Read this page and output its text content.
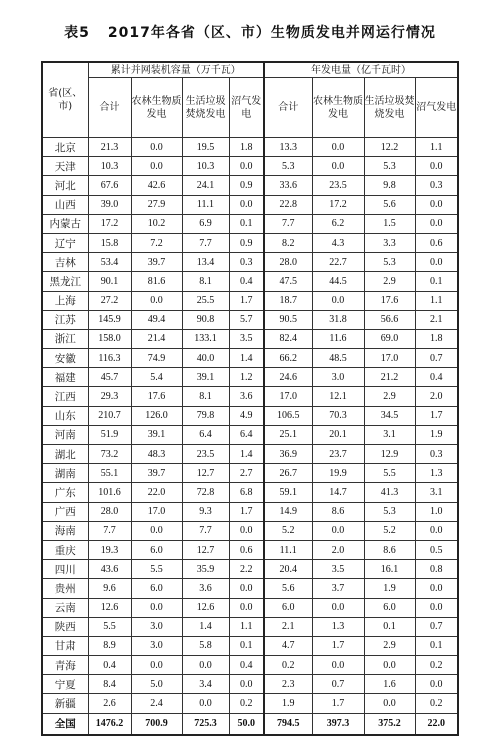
表5 2017年各省（区、市）生物质发电并网运行情况
省(区、市)	累计并网装机容量（万千瓦）				年发电量（亿千瓦时）			
	合计	农林生物质发电	生活垃圾焚烧发电	沼气发电	合计	农林生物质发电	生活垃圾焚烧发电	沼气发电
北京	21.3	0.0	19.5	1.8	13.3	0.0	12.2	1.1
天津	10.3	0.0	10.3	0.0	5.3	0.0	5.3	0.0
河北	67.6	42.6	24.1	0.9	33.6	23.5	9.8	0.3
山西	39.0	27.9	11.1	0.0	22.8	17.2	5.6	0.0
内蒙古	17.2	10.2	6.9	0.1	7.7	6.2	1.5	0.0
辽宁	15.8	7.2	7.7	0.9	8.2	4.3	3.3	0.6
吉林	53.4	39.7	13.4	0.3	28.0	22.7	5.3	0.0
黑龙江	90.1	81.6	8.1	0.4	47.5	44.5	2.9	0.1
上海	27.2	0.0	25.5	1.7	18.7	0.0	17.6	1.1
江苏	145.9	49.4	90.8	5.7	90.5	31.8	56.6	2.1
浙江	158.0	21.4	133.1	3.5	82.4	11.6	69.0	1.8
安徽	116.3	74.9	40.0	1.4	66.2	48.5	17.0	0.7
福建	45.7	5.4	39.1	1.2	24.6	3.0	21.2	0.4
江西	29.3	17.6	8.1	3.6	17.0	12.1	2.9	2.0
山东	210.7	126.0	79.8	4.9	106.5	70.3	34.5	1.7
河南	51.9	39.1	6.4	6.4	25.1	20.1	3.1	1.9
湖北	73.2	48.3	23.5	1.4	36.9	23.7	12.9	0.3
湖南	55.1	39.7	12.7	2.7	26.7	19.9	5.5	1.3
广东	101.6	22.0	72.8	6.8	59.1	14.7	41.3	3.1
广西	28.0	17.0	9.3	1.7	14.9	8.6	5.3	1.0
海南	7.7	0.0	7.7	0.0	5.2	0.0	5.2	0.0
重庆	19.3	6.0	12.7	0.6	11.1	2.0	8.6	0.5
四川	43.6	5.5	35.9	2.2	20.4	3.5	16.1	0.8
贵州	9.6	6.0	3.6	0.0	5.6	3.7	1.9	0.0
云南	12.6	0.0	12.6	0.0	6.0	0.0	6.0	0.0
陕西	5.5	3.0	1.4	1.1	2.1	1.3	0.1	0.7
甘肃	8.9	3.0	5.8	0.1	4.7	1.7	2.9	0.1
青海	0.4	0.0	0.0	0.4	0.2	0.0	0.0	0.2
宁夏	8.4	5.0	3.4	0.0	2.3	0.7	1.6	0.0
新疆	2.6	2.4	0.0	0.2	1.9	1.7	0.0	0.2
全国	1476.2	700.9	725.3	50.0	794.5	397.3	375.2	22.0
